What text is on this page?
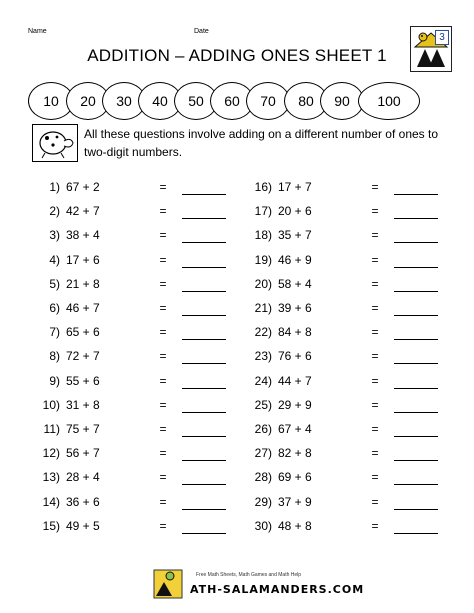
Name	Date
3
ADDITION – ADDING ONES SHEET 1
10	20	30	40	50	60	70	80	90	100
All these questions involve adding on a different number of ones to
two-digit numbers.
1) 67 + 2	=
2) 42 + 7	=
3) 38 + 4	=
4) 17 + 6	=
5) 21 + 8	=
6) 46 + 7	=
7) 65 + 6	=
8) 72 + 7	=
9) 55 + 6	=
10) 31 + 8	=
11) 75 + 7	=
12) 56 + 7	=
13) 28 + 4	=
14) 36 + 6	=
15) 49 + 5	=
16) 17 + 7	=
17) 20 + 6	=
18) 35 + 7	=
19) 46 + 9	=
20) 58 + 4	=
21) 39 + 6	=
22) 84 + 8	=
23) 76 + 6	=
24) 44 + 7	=
25) 29 + 9	=
26) 67 + 4	=
27) 82 + 8	=
28) 69 + 6	=
29) 37 + 9	=
30) 48 + 8	=
Free Math Sheets, Math Games and Math Help
ATH-SALAMANDERS.COM
